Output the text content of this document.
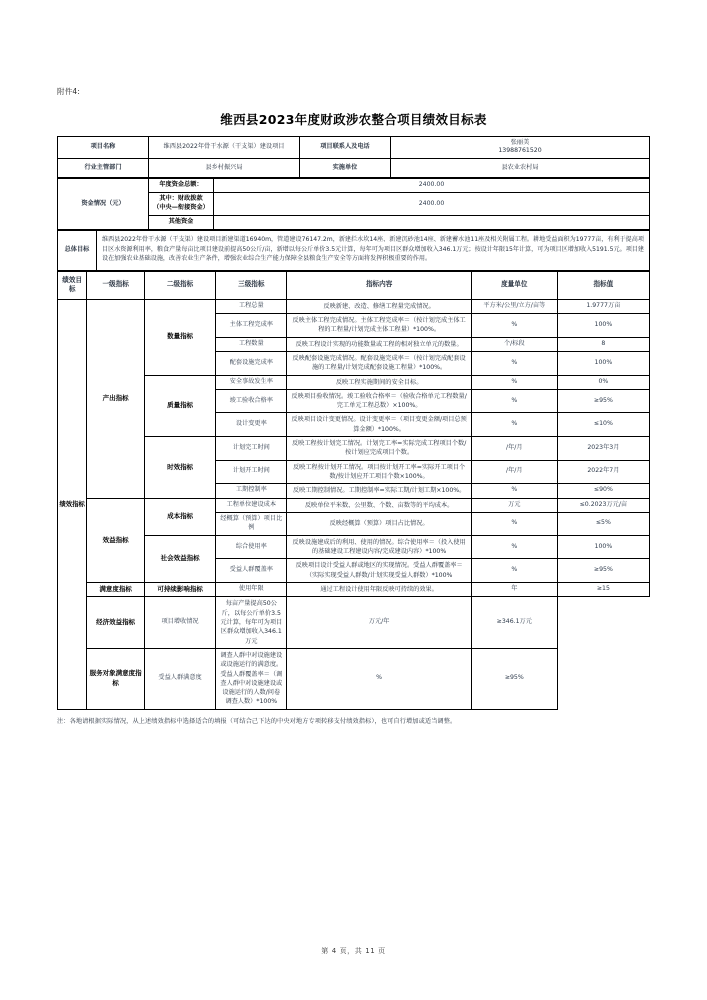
附件4:
维西县2023年度财政涉农整合项目绩效目标表
项目名称	维西县2022年骨干水源（干支渠）建设项目	项目联系人及电话	张丽美
13988761520

行业主管部门	县乡村振兴局	实施单位	县农业农村局
资金情况（元）	年度资金总额：	2400.00

	其中：财政拨款
（中央—衔接资金）	2400.00
	其他资金	
总体目标	维西县2022年骨干水源（干支渠）建设项目新建渠道16940m，管道建设76147.2m，新建拦水坎14座、新建沉砂池14座、新建蓄水池11座及相关附属工程。耕地受益面积为19777亩，有利于提高项目区水资源利用率，粮食产量每亩比项目建设前提高50公斤/亩，新增以每公斤单价3.5元计算，每年可为项目区群众增加收入346.1万元；按设计年限15年计算，可为项目区增加收入5191.5元。项目建设在加强农业基础设施，改善农业生产条件，增强农业综合生产能力保障全县粮食生产安全等方面将发挥积极重要的作用。
绩效目标	一级指标	二级指标	三级指标	指标内容	度量单位	指标值
绩效指标	产出指标	数量指标	工程总量	反映新建、改造、修缮工程量完成情况。	平方米/公里/立方/亩等	1.9777万亩
			主体工程完成率	反映主体工程完成情况。主体工程完成率＝（按计划完成主体工程的工程量/计划完成主体工程量）*100%。	%	100%
			工程数量	反映工程设计实现的功能数量或工程的相对独立单元的数量。	个/标段	8
			配套设施完成率	反映配套设施完成情况。配套设施完成率＝（按计划完成配套设施的工程量/计划完成配套设施工程量）*100%。	%	100%
		质量指标	安全事故发生率	反映工程实施期间的安全目标。	%	0%
			竣工验收合格率	反映项目验收情况。竣工验收合格率＝（验收合格单元工程数量/完工单元工程总数）×100%。	%	≥95%
			设计变更率	反映项目设计变更情况。设计变更率＝（项目变更金额/项目总预算金额）*100%。	%	≤10%
		时效指标	计划完工时间	反映工程按计划完工情况。计划完工率=实际完成工程项目个数/按计划应完成项目个数。	/年/月	2023年3月
			计划开工时间	反映工程按计划开工情况。项目按计划开工率=实际开工项目个数/按计划应开工项目个数×100%。	/年/月	2022年7月
			工期控制率	反映工期控制情况。工期控制率=实际工期/计划工期×100%。	%	≤90%
	效益指标	成本指标	工程单位建设成本	反映单位平米数、公里数、个数、亩数等的平均成本。	万元	≤0.2023万元/亩
			经概算（预算）项目比例	反映经概算（预算）项目占比情况。	%	≤5%
		社会效益指标	综合使用率	反映设施建成后的利用、使用的情况。综合使用率＝（投入使用的基础建设工程建设内容/完成建设内容）*100%	%	100%
			受益人群覆盖率	反映项目设计受益人群或地区的实现情况。受益人群覆盖率＝（实际实现受益人群数/计划实现受益人群数）*100%	%	≥95%
	满意度指标	可持续影响指标	使用年限	通过工程设计使用年限反映可持续的效果。	年	≥15
	经济效益指标	项目增收情况	每亩产量提高50公斤，以每公斤单价3.5元计算，每年可为项目区群众增加收入346.1万元	万元/年	≥346.1万元	
	服务对象满意度指标	受益人群满意度	调查人群中对设施建设或设施运行的满意度。受益人群覆盖率＝（调查人群中对设施建设或设施运行的人数/问卷调查人数）*100%	%	≥95%	
注：各地请根据实际情况，从上述绩效指标中选择适合的填报（可结合己下达的中央对地方专项转移支付绩效指标），也可自行增加或适当调整。
第 4 页，共 11 页
